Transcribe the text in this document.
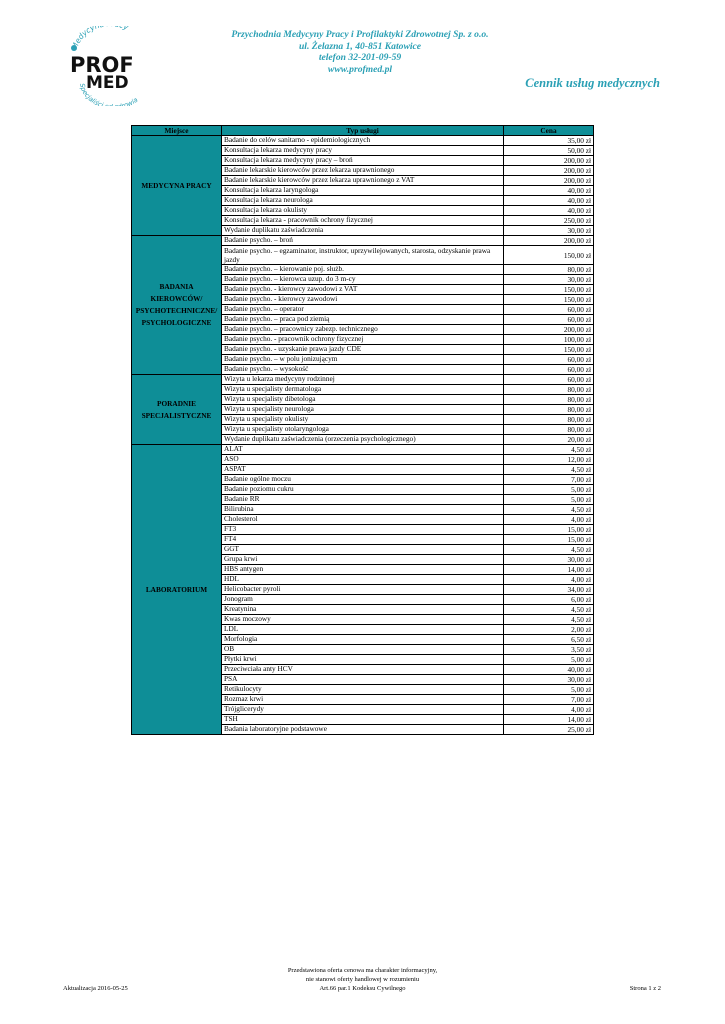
Medycy y
PROF
MED
Specjaliści rowia
Przychodnia Medycyny Pracy i Profilaktyki Zdrowotnej Sp. z o.o.
ul. Żelazna 1, 40-851 Katowice
telefon 32-201-09-59
www.profmed.pl
Cennik usług medycznych
Miejsce	Typ usługi	Cena
MEDYCYNA PRACY	Badanie do celów sanitarno - epidemiologicznych	35,00 zł
	Konsultacja lekarza medycyny pracy	50,00 zł
	Konsultacja lekarza medycyny pracy – broń	200,00 zł
	Badanie lekarskie kierowców przez lekarza uprawnionego	200,00 zł
	Badanie lekarskie kierowców przez lekarza uprawnionego z VAT	200,00 zł
	Konsultacja lekarza laryngologa	40,00 zł
	Konsultacja lekarza neurologa	40,00 zł
	Konsultacja lekarza okulisty	40,00 zł
	Konsultacja lekarza - pracownik ochrony fizycznej	250,00 zł
	Wydanie duplikatu zaświadczenia	30,00 zł
BADANIA KIEROWCÓW/ PSYCHOTECHNICZNE/ PSYCHOLOGICZNE	Badanie psycho. – broń	200,00 zł
	Badanie psycho. – egzaminator, instruktor, uprzywilejowanych, starosta, odzyskanie prawa jazdy	150,00 zł
	Badanie psycho. – kierowanie poj. służb.	80,00 zł
	Badanie psycho. – kierowca uzup. do 3 m-cy	30,00 zł
	Badanie psycho. - kierowcy zawodowi z VAT	150,00 zł
	Badanie psycho. - kierowcy zawodowi	150,00 zł
	Badanie psycho. – operator	60,00 zł
	Badanie psycho. – praca pod ziemią	60,00 zł
	Badanie psycho. – pracownicy zabezp. technicznego	200,00 zł
	Badanie psycho. - pracownik ochrony fizycznej	100,00 zł
	Badanie psycho. - uzyskanie prawa jazdy CDE	150,00 zł
	Badanie psycho. – w polu jonizującym	60,00 zł
	Badanie psycho. – wysokość	60,00 zł
PORADNIE SPECJALISTYCZNE	Wizyta u lekarza medycyny rodzinnej	60,00 zł
	Wizyta u specjalisty dermatologa	80,00 zł
	Wizyta u specjalisty dibetologa	80,00 zł
	Wizyta u specjalisty neurologa	80,00 zł
	Wizyta u specjalisty okulisty	80,00 zł
	Wizyta u specjalisty otolaryngologa	80,00 zł
	Wydanie duplikatu zaświadczenia (orzeczenia psychologicznego)	20,00 zł
LABORATORIUM	ALAT	4,50 zł
	ASO	12,00 zł
	ASPAT	4,50 zł
	Badanie ogólne moczu	7,00 zł
	Badanie poziomu cukru	5,00 zł
	Badanie RR	5,00 zł
	Bilirubina	4,50 zł
	Cholesterol	4,00 zł
	FT3	15,00 zł
	FT4	15,00 zł
	GGT	4,50 zł
	Grupa krwi	30,00 zł
	HBS antygen	14,00 zł
	HDL	4,00 zł
	Helicobacter pyroli	34,00 zł
	Jonogram	6,00 zł
	Kreatynina	4,50 zł
	Kwas moczowy	4,50 zł
	LDL	2,00 zł
	Morfologia	6,50 zł
	OB	3,50 zł
	Płytki krwi	5,00 zł
	Przeciwciała anty HCV	40,00 zł
	PSA	30,00 zł
	Retikulocyty	5,00 zł
	Rozmaz krwi	7,00 zł
	Trójglicerydy	4,00 zł
	TSH	14,00 zł
	Badania laboratoryjne podstawowe	25,00 zł
Aktualizacja 2016-05-25
Przedstawiona oferta cenowa ma charakter informacyjny,
nie stanowi oferty handlowej w rozumieniu
Art.66 par.1 Kodeksu Cywilnego	Strona 1 z 2
